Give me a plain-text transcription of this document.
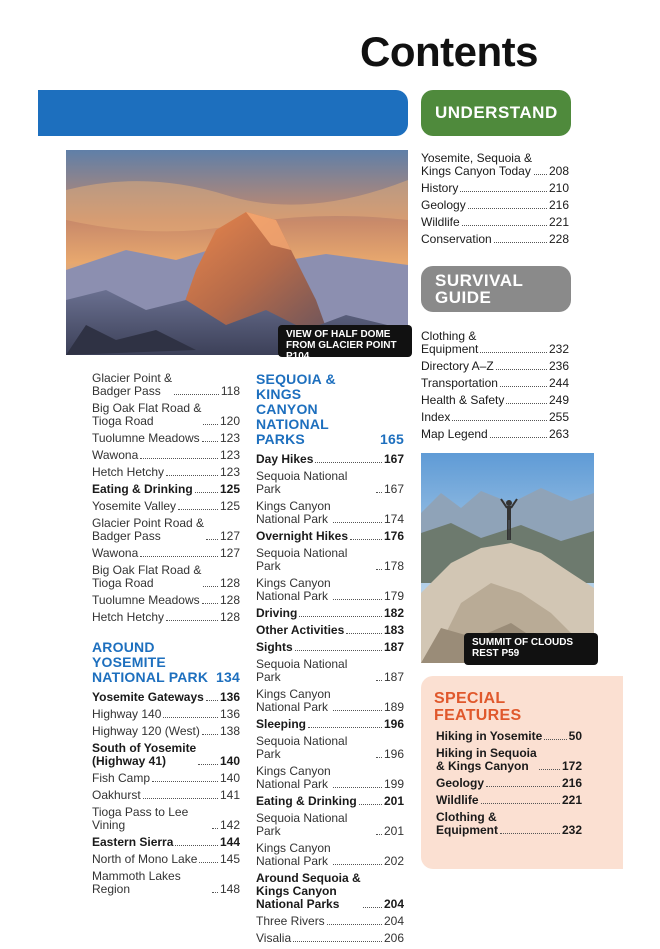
Contents
UNDERSTAND
SURVIVAL
GUIDE

VIEW OF HALF DOME FROM GLACIER POINT P104
Glacier Point &
Badger Pass	118
Big Oak Flat Road &
Tioga Road	120
Tuolumne Meadows 123
Wawona	123
Hetch Hetchy	123
Eating & Drinking 125
Yosemite Valley	125
Glacier Point Road &
Badger Pass	127
Wawona	127
Big Oak Flat Road &
Tioga Road	128
Tuolumne Meadows 128
Hetch Hetchy	128
AROUND YOSEMITE
NATIONAL PARK 134
Yosemite Gateways 136
Highway 140	136
Highway 120 (West) 138
South of Yosemite
(Highway 41)	140
Fish Camp	140
Oakhurst	141
Tioga Pass to Lee Vining	142
Eastern Sierra	144
North of Mono Lake 145
Mammoth Lakes Region	148
SEQUOIA & KINGS
CANYON NATIONAL
PARKS	165
Day Hikes	167
Sequoia National Park	167
Kings Canyon
National Park	174
Overnight Hikes	176
Sequoia National Park	178
Kings Canyon
National Park	179
Driving	182
Other Activities	183
Sights	187
Sequoia National Park	187
Kings Canyon
National Park	189
Sleeping	196
Sequoia National Park	196
Kings Canyon
National Park	199
Eating & Drinking 201
Sequoia National Park	201
Kings Canyon
National Park	202
Around Sequoia &
Kings Canyon
National Parks	204
Three Rivers	204
Visalia	206
Yosemite, Sequoia &
Kings Canyon Today 208
History	210
Geology	216
Wildlife	221
Conservation	228
Clothing &
Equipment	232
Directory A–Z	236
Transportation	244
Health & Safety	249
Index	255
Map Legend	263

SUMMIT OF CLOUDS REST P59
SPECIAL
FEATURES
Hiking in Yosemite 50
Hiking in Sequoia
& Kings Canyon	172
Geology	216
Wildlife	221
Clothing &
Equipment	232
